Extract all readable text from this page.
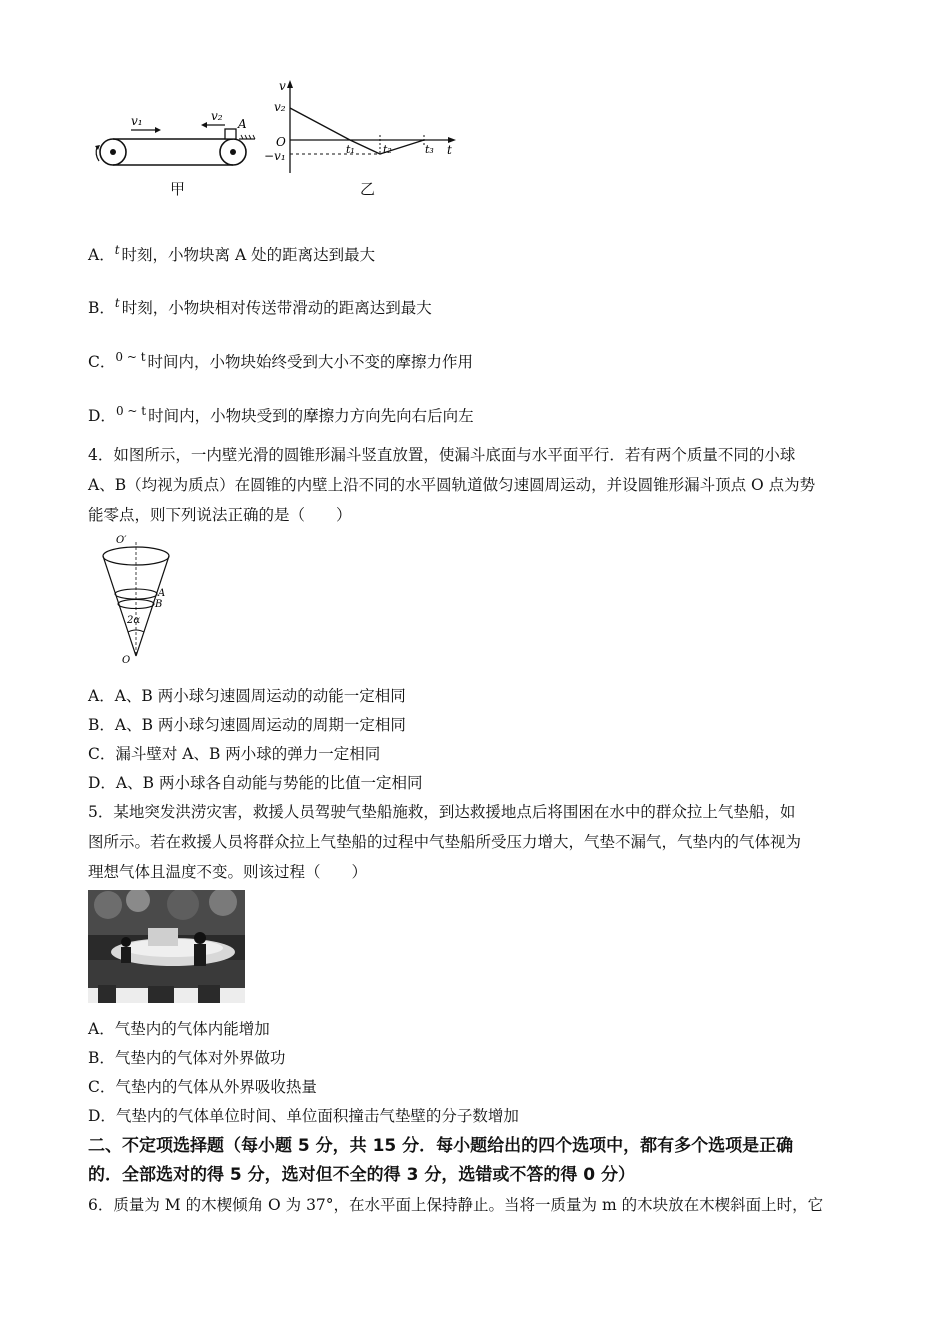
v₁	v₂
A
甲
v
v₂
O
−v₁	t₁	t₂	t₃ t
乙
A．$^t$ 时刻，小物块离 A 处的距离达到最大
B．$^t$ 时刻，小物块相对传送带滑动的距离达到最大
C．$^{0 \sim t}$ 时间内，小物块始终受到大小不变的摩擦力作用
D．$^{0 \sim t}$ 时间内，小物块受到的摩擦力方向先向右后向左
4．如图所示，一内壁光滑的圆锥形漏斗竖直放置，使漏斗底面与水平面平行．若有两个质量不同的小球
A、B（均视为质点）在圆锥的内壁上沿不同的水平圆轨道做匀速圆周运动，并设圆锥形漏斗顶点 O 点为势
能零点，则下列说法正确的是（　　）
O′
A
B
2α
O
A．A、B 两小球匀速圆周运动的动能一定相同
B．A、B 两小球匀速圆周运动的周期一定相同
C．漏斗壁对 A、B 两小球的弹力一定相同
D．A、B 两小球各自动能与势能的比值一定相同
5．某地突发洪涝灾害，救援人员驾驶气垫船施救，到达救援地点后将围困在水中的群众拉上气垫船，如
图所示。若在救援人员将群众拉上气垫船的过程中气垫船所受压力增大，气垫不漏气，气垫内的气体视为
理想气体且温度不变。则该过程（　　）
A．气垫内的气体内能增加
B．气垫内的气体对外界做功
C．气垫内的气体从外界吸收热量
D．气垫内的气体单位时间、单位面积撞击气垫壁的分子数增加
二、不定项选择题（每小题 5 分，共 15 分．每小题给出的四个选项中，都有多个选项是正确
的．全部选对的得 5 分，选对但不全的得 3 分，选错或不答的得 0 分）
6．质量为 M 的木楔倾角 O 为 37°，在水平面上保持静止。当将一质量为 m 的木块放在木楔斜面上时，它
